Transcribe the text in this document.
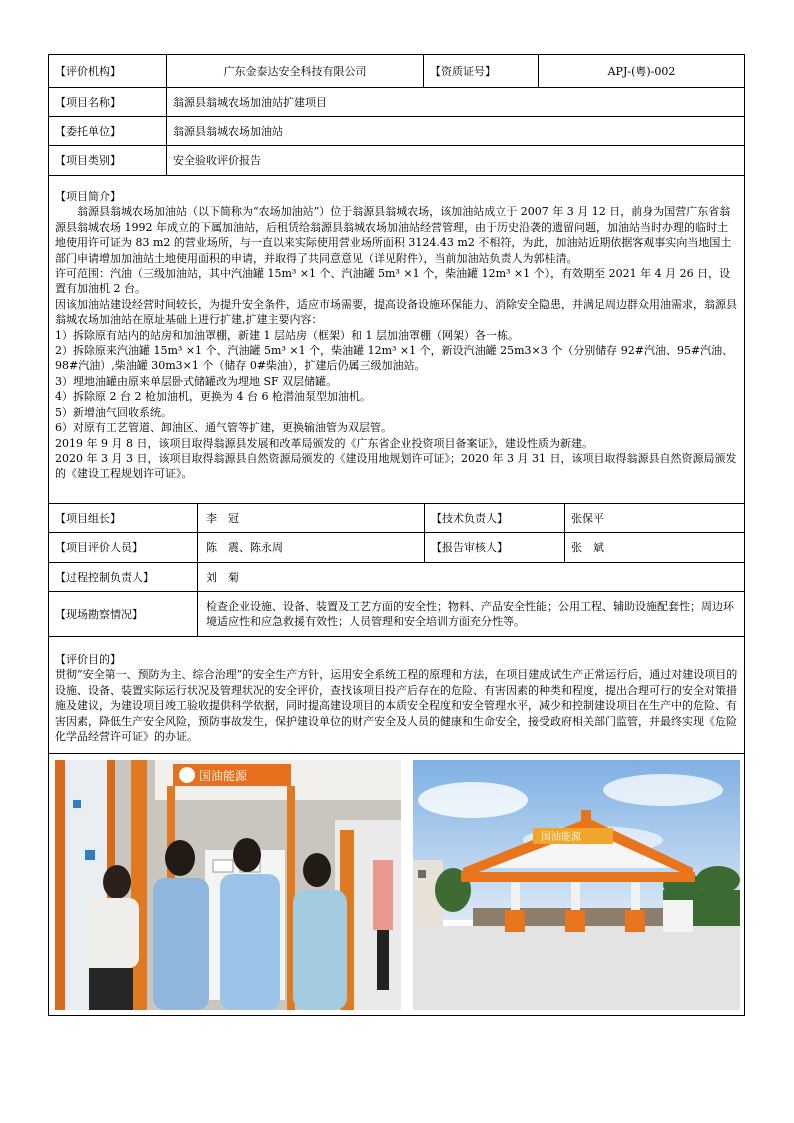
【评价机构】	广东金泰达安全科技有限公司	【资质证号】	APJ-(粤)-002
【项目名称】	翁源县翁城农场加油站扩建项目
【委托单位】	翁源县翁城农场加油站
【项目类别】	安全验收评价报告

【项目简介】

翁源县翁城农场加油站（以下简称为“农场加油站”）位于翁源县翁城农场，该加油站成立于 2007 年 3 月 12 日，前身为国营广东省翁源县翁城农场 1992 年成立的下属加油站，后租赁给翁源县翁城农场加油站经营管理，由于历史沿袭的遗留问题，加油站当时办理的临时土地使用许可证为 83 m2 的营业场所，与一直以来实际使用营业场所面积 3124.43 m2 不相符，为此，加油站近期依据客观事实向当地国土部门申请增加加油站土地使用面积的申请，并取得了共同意意见（详见附件），当前加油站负责人为郭桂清。

许可范围：汽油（三级加油站，其中汽油罐 15m³ ×1 个、汽油罐 5m³ ×1 个，柴油罐 12m³ ×1 个），有效期至 2021 年 4 月 26 日，设置有加油机 2 台。

因该加油站建设经营时间较长，为提升安全条件，适应市场需要，提高设备设施环保能力、消除安全隐患，并满足周边群众用油需求，翁源县翁城农场加油站在原址基础上进行扩建,扩建主要内容：

1）拆除原有站内的站房和加油罩棚，新建 1 层站房（框架）和 1 层加油罩棚（网架）各一栋。

2）拆除原来汽油罐 15m³ ×1 个、汽油罐 5m³ ×1 个，柴油罐 12m³ ×1 个，新设汽油罐 25m3×3 个（分别储存 92#汽油、95#汽油、98#汽油）,柴油罐 30m3×1 个（储存 0#柴油），扩建后仍属三级加油站。

3）埋地油罐由原来单层卧式储罐改为埋地 SF 双层储罐。

4）拆除原 2 台 2 枪加油机，更换为 4 台 6 枪潜油泵型加油机。

5）新增油气回收系统。

6）对原有工艺管道、卸油区、通气管等扩建，更换输油管为双层管。

2019 年 9 月 8 日，该项目取得翁源县发展和改革局颁发的《广东省企业投资项目备案证》，建设性质为新建。

2020 年 3 月 3 日，该项目取得翁源县自然资源局颁发的《建设用地规划许可证》；2020 年 3 月 31 日，该项目取得翁源县自然资源局颁发的《建设工程规划许可证》。

【项目组长】	李　冠	【技术负责人】	张保平
【项目评价人员】	陈　震、陈永周	【报告审核人】	张　斌
【过程控制负责人】	刘　菊
【现场勘察情况】
检查企业设施、设备、装置及工艺方面的安全性；物料、产品安全性能；公用工程、辅助设施配套性；周边环境适应性和应急救援有效性；人员管理和安全培训方面充分性等。

【评价目的】

贯彻“安全第一、预防为主、综合治理”的安全生产方针，运用安全系统工程的原理和方法，在项目建成试生产正常运行后，通过对建设项目的设施、设备、装置实际运行状况及管理状况的安全评价，查找该项目投产后存在的危险、有害因素的种类和程度，提出合理可行的安全对策措施及建议，为建设项目竣工验收提供科学依据，同时提高建设项目的本质安全程度和安全管理水平，减少和控制建设项目在生产中的危险、有害因素，降低生产安全风险，预防事故发生，保护建设单位的财产安全及人员的健康和生命安全，接受政府相关部门监管，并最终实现《危险化学品经营许可证》的办证。

国油能源
国油能源
